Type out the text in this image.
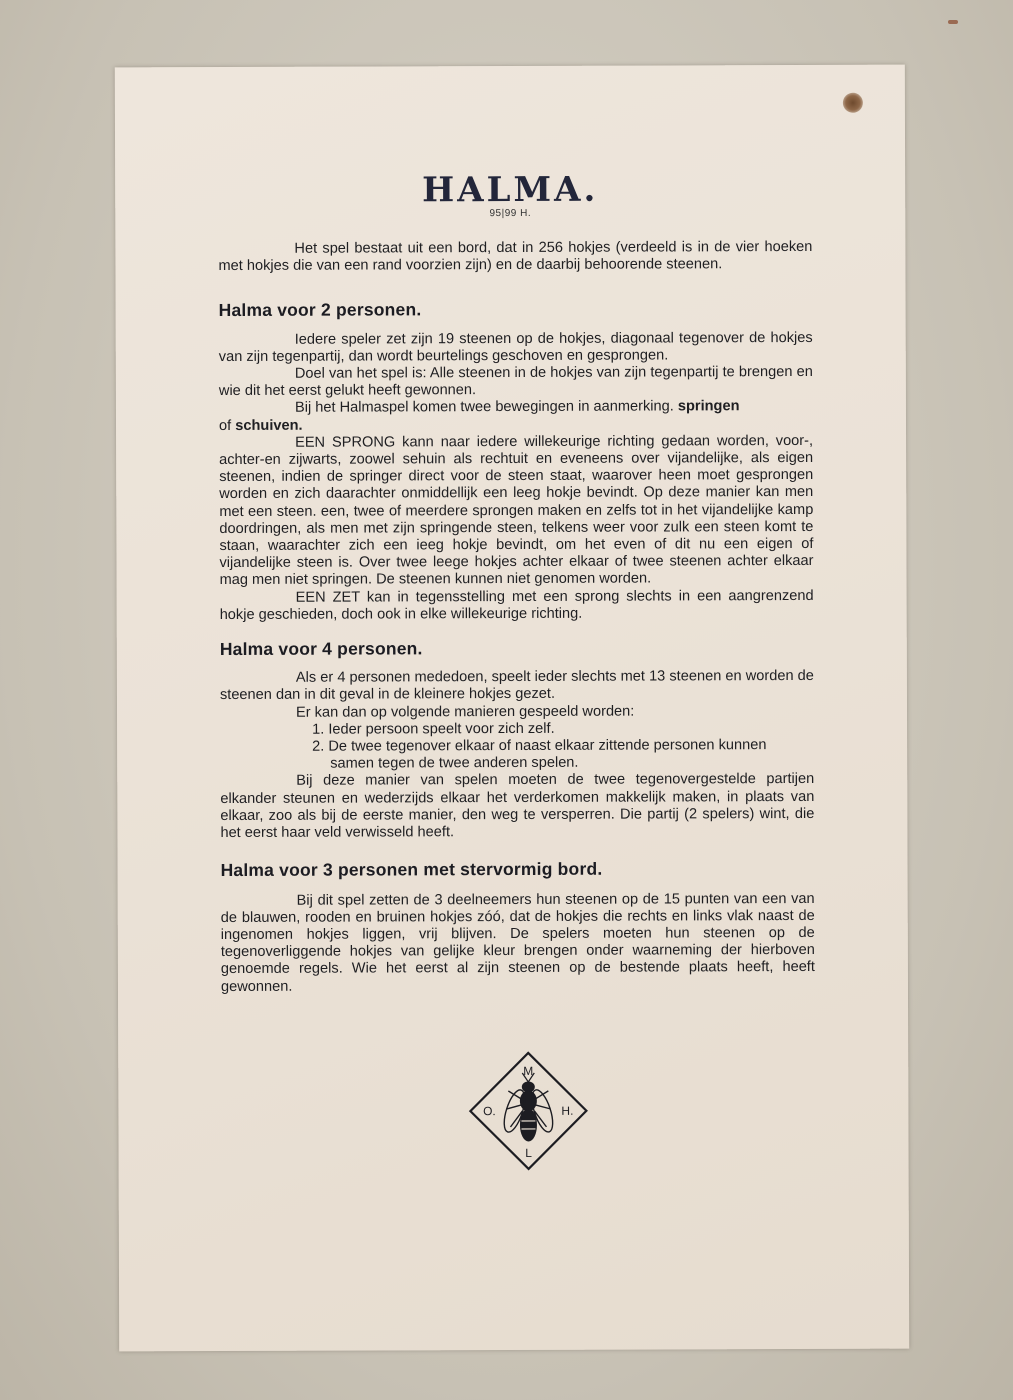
HALMA.
95|99 H.

Het spel bestaat uit een bord, dat in 256 hokjes (verdeeld is in de vier hoeken met hokjes die van een rand voorzien zijn) en de daarbij behoorende steenen.

Halma voor 2 personen.

Iedere speler zet zijn 19 steenen op de hokjes, diagonaal tegenover de hokjes van zijn tegenpartij, dan wordt beurtelings geschoven en gesprongen.

Doel van het spel is: Alle steenen in de hokjes van zijn tegenpartij te brengen en wie dit het eerst gelukt heeft gewonnen.

Bij het Halmaspel komen twee bewegingen in aanmerking. springen

of schuiven.

EEN SPRONG kann naar iedere willekeurige richting gedaan worden, voor-, achter-en zijwarts, zoowel sehuin als rechtuit en eveneens over vijandelijke, als eigen steenen, indien de springer direct voor de steen staat, waarover heen moet gesprongen worden en zich daarachter onmiddellijk een leeg hokje bevindt. Op deze manier kan men met een steen. een, twee of meerdere sprongen maken en zelfs tot in het vijandelijke kamp doordringen, als men met zijn springende steen, telkens weer voor zulk een steen komt te staan, waarachter zich een ieeg hokje bevindt, om het even of dit nu een eigen of vijandelijke steen is. Over twee leege hokjes achter elkaar of twee steenen achter elkaar mag men niet springen. De steenen kunnen niet genomen worden.

EEN ZET kan in tegensstelling met een sprong slechts in een aangrenzend hokje geschieden, doch ook in elke willekeurige richting.

Halma voor 4 personen.

Als er 4 personen mededoen, speelt ieder slechts met 13 steenen en worden de steenen dan in dit geval in de kleinere hokjes gezet.

Er kan dan op volgende manieren gespeeld worden:

1. Ieder persoon speelt voor zich zelf.
2. De twee tegenover elkaar of naast elkaar zittende personen kunnen samen tegen de twee anderen spelen.

Bij deze manier van spelen moeten de twee tegenovergestelde partijen elkander steunen en wederzijds elkaar het verderkomen makkelijk maken, in plaats van elkaar, zoo als bij de eerste manier, den weg te versperren. Die partij (2 spelers) wint, die het eerst haar veld verwisseld heeft.

Halma voor 3 personen met stervormig bord.

Bij dit spel zetten de 3 deelneemers hun steenen op de 15 punten van een van de blauwen, rooden en bruinen hokjes zóó, dat de hokjes die rechts en links vlak naast de ingenomen hokjes liggen, vrij blijven. De spelers moeten hun steenen op de tegenoverliggende hokjes van gelijke kleur brengen onder waarneming der hierboven genoemde regels. Wie het eerst al zijn steenen op de bestende plaats heeft, heeft gewonnen.

M
O.	H.
L
